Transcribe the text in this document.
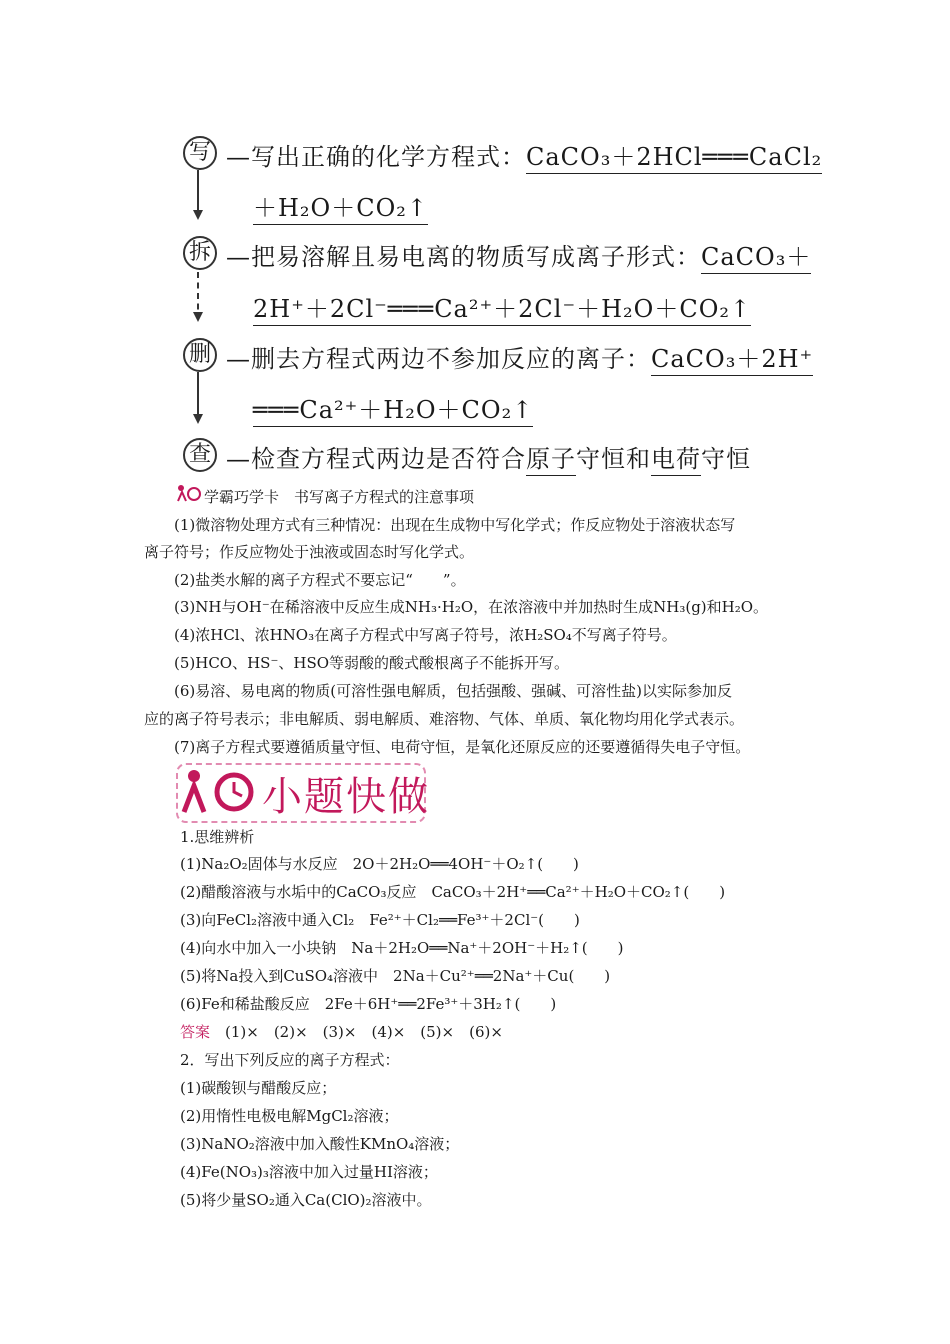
写 —写出正确的化学方程式：CaCO₃＋2HCl═══CaCl₂
＋H₂O＋CO₂↑
拆 —把易溶解且易电离的物质写成离子形式：CaCO₃＋
2H⁺＋2Cl⁻═══Ca²⁺＋2Cl⁻＋H₂O＋CO₂↑
删 —删去方程式两边不参加反应的离子：CaCO₃＋2H⁺
═══Ca²⁺＋H₂O＋CO₂↑
查 —检查方程式两边是否符合原子守恒和电荷守恒
学霸巧学卡　书写离子方程式的注意事项
(1)微溶物处理方式有三种情况：出现在生成物中写化学式；作反应物处于溶液状态写
离子符号；作反应物处于浊液或固态时写化学式。
(2)盐类水解的离子方程式不要忘记“　　”。
(3)NH与OH⁻在稀溶液中反应生成NH₃·H₂O，在浓溶液中并加热时生成NH₃(g)和H₂O。
(4)浓HCl、浓HNO₃在离子方程式中写离子符号，浓H₂SO₄不写离子符号。
(5)HCO、HS⁻、HSO等弱酸的酸式酸根离子不能拆开写。
(6)易溶、易电离的物质(可溶性强电解质，包括强酸、强碱、可溶性盐)以实际参加反
应的离子符号表示；非电解质、弱电解质、难溶物、气体、单质、氧化物均用化学式表示。
(7)离子方程式要遵循质量守恒、电荷守恒，是氧化还原反应的还要遵循得失电子守恒。
小题快做
1.思维辨析
(1)Na₂O₂固体与水反应　2O＋2H₂O══4OH⁻＋O₂↑(　　)
(2)醋酸溶液与水垢中的CaCO₃反应　CaCO₃＋2H⁺══Ca²⁺＋H₂O＋CO₂↑(　　)
(3)向FeCl₂溶液中通入Cl₂　Fe²⁺＋Cl₂══Fe³⁺＋2Cl⁻(　　)
(4)向水中加入一小块钠　Na＋2H₂O══Na⁺＋2OH⁻＋H₂↑(　　)
(5)将Na投入到CuSO₄溶液中　2Na＋Cu²⁺══2Na⁺＋Cu(　　)
(6)Fe和稀盐酸反应　2Fe＋6H⁺══2Fe³⁺＋3H₂↑(　　)
答案　(1)×　(2)×　(3)×　(4)×　(5)×　(6)×
2．写出下列反应的离子方程式：
(1)碳酸钡与醋酸反应；
(2)用惰性电极电解MgCl₂溶液；
(3)NaNO₂溶液中加入酸性KMnO₄溶液；
(4)Fe(NO₃)₃溶液中加入过量HI溶液；
(5)将少量SO₂通入Ca(ClO)₂溶液中。
